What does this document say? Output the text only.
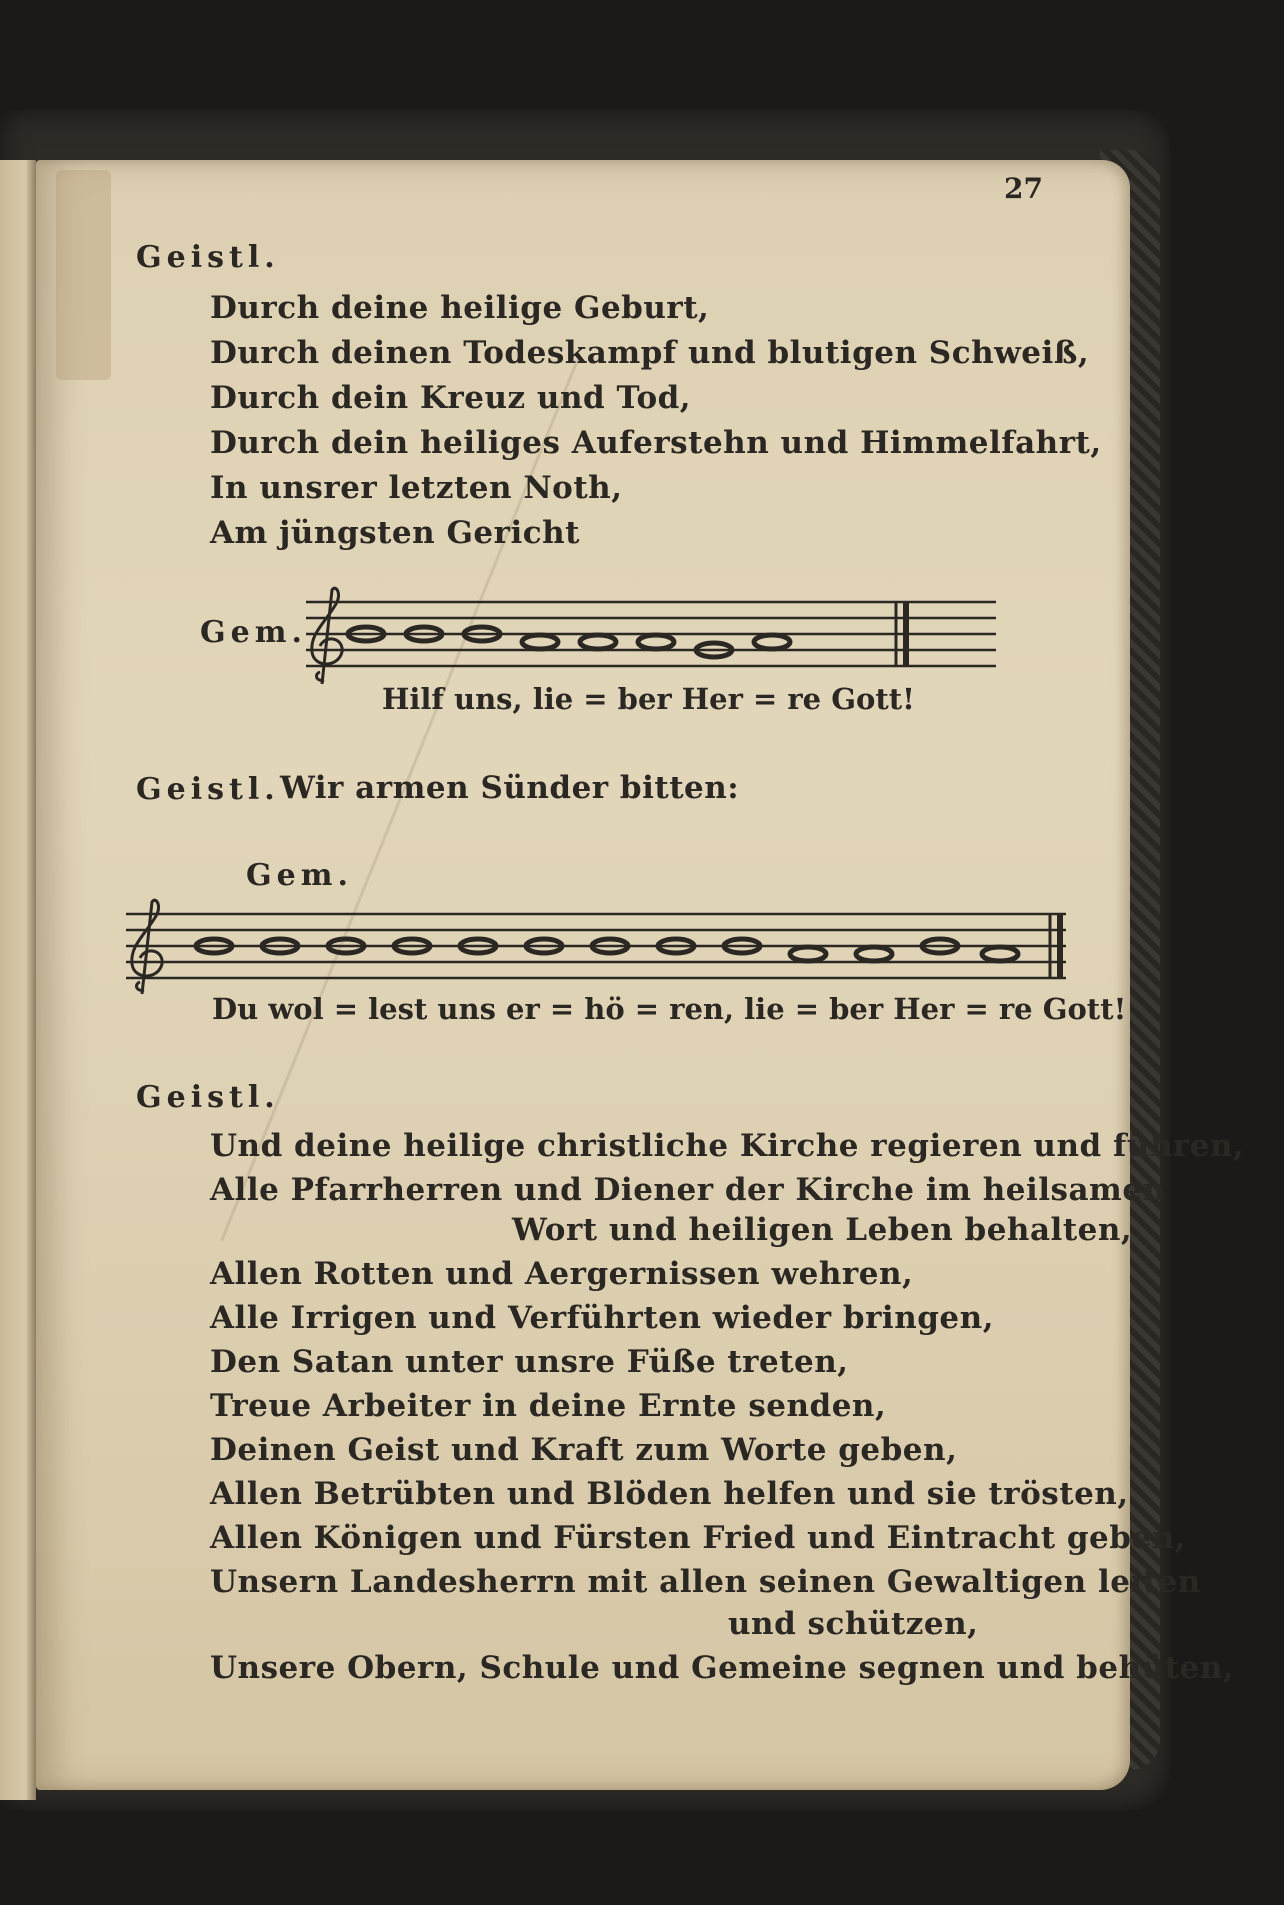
27
Geistl.
Durch deine heilige Geburt,
Durch deinen Todeskampf und blutigen Schweiß,
Durch dein Kreuz und Tod,
Durch dein heiliges Auferstehn und Himmelfahrt,
In unsrer letzten Noth,
Am jüngsten Gericht
Gem.
Hilf uns, lie = ber Her = re Gott!
Geistl. Wir armen Sünder bitten:
Gem.
Du wol = lest uns er = hö = ren, lie = ber Her = re Gott!
Geistl.
Und deine heilige christliche Kirche regieren und führen,
Alle Pfarrherren und Diener der Kirche im heilsamen
Wort und heiligen Leben behalten,
Allen Rotten und Aergernissen wehren,
Alle Irrigen und Verführten wieder bringen,
Den Satan unter unsre Füße treten,
Treue Arbeiter in deine Ernte senden,
Deinen Geist und Kraft zum Worte geben,
Allen Betrübten und Blöden helfen und sie trösten,
Allen Königen und Fürsten Fried und Eintracht geben,
Unsern Landesherrn mit allen seinen Gewaltigen leiten
und schützen,
Unsere Obern, Schule und Gemeine segnen und behüten,
